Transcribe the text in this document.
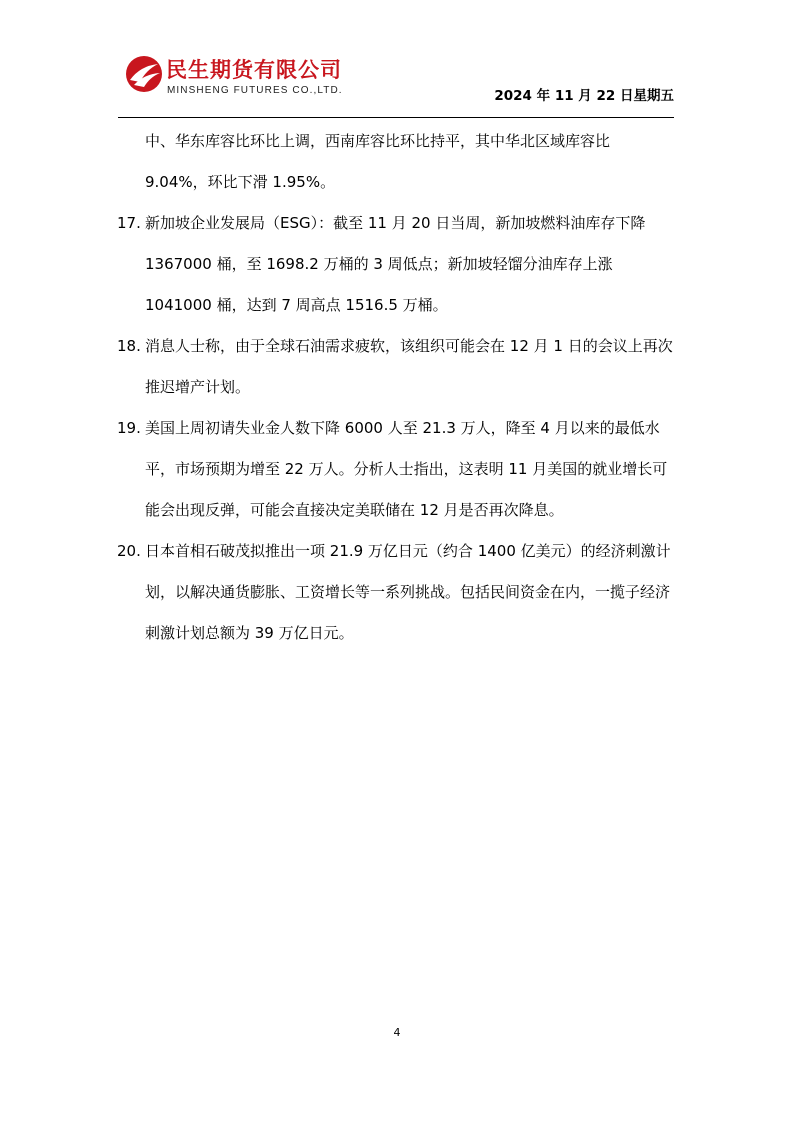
民生期货有限公司
MINSHENG FUTURES CO.,LTD.	2024 年 11 月 22 日星期五

中、华东库容比环比上调，西南库容比环比持平，其中华北区域库容比 9.04%，环比下滑 1.95%。

17. 新加坡企业发展局（ESG）：截至 11 月 20 日当周，新加坡燃料油库存下降 1367000 桶，至 1698.2 万桶的 3 周低点；新加坡轻馏分油库存上涨 1041000 桶，达到 7 周高点 1516.5 万桶。

18. 消息人士称，由于全球石油需求疲软，该组织可能会在 12 月 1 日的会议上再次推迟增产计划。

19. 美国上周初请失业金人数下降 6000 人至 21.3 万人，降至 4 月以来的最低水平，市场预期为增至 22 万人。分析人士指出，这表明 11 月美国的就业增长可能会出现反弹，可能会直接决定美联储在 12 月是否再次降息。

20. 日本首相石破茂拟推出一项 21.9 万亿日元（约合 1400 亿美元）的经济刺激计划，以解决通货膨胀、工资增长等一系列挑战。包括民间资金在内，一揽子经济刺激计划总额为 39 万亿日元。

4
